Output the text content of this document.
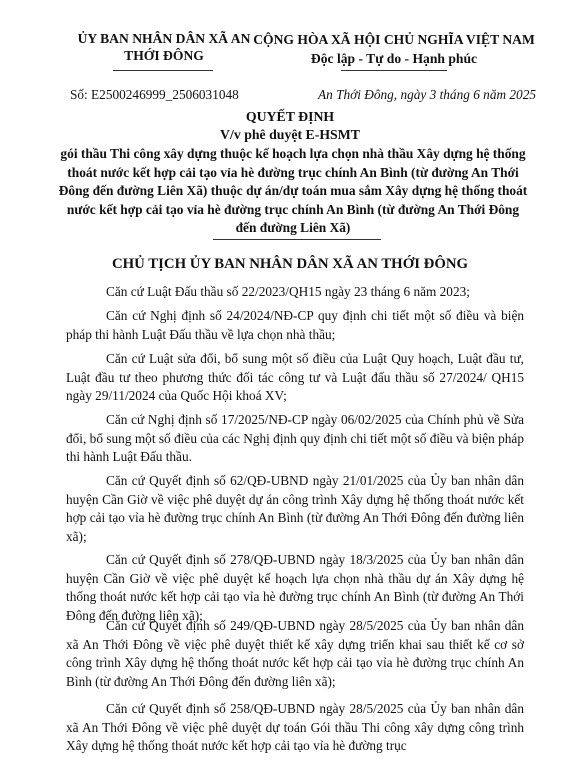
ỦY BAN NHÂN DÂN XÃ AN
THỚI ĐÔNG
CỘNG HÒA XÃ HỘI CHỦ NGHĨA VIỆT NAM
Độc lập - Tự do - Hạnh phúc
Số: E2500246999_2506031048	An Thới Đông, ngày 3 tháng 6 năm 2025
QUYẾT ĐỊNH
V/v phê duyệt E-HSMT
gói thầu Thi công xây dựng thuộc kế hoạch lựa chọn nhà thầu Xây dựng hệ thống thoát nước kết hợp cải tạo vỉa hè đường trục chính An Bình (từ đường An Thới Đông đến đường Liên Xã) thuộc dự án/dự toán mua sắm Xây dựng hệ thống thoát nước kết hợp cải tạo vỉa hè đường trục chính An Bình (từ đường An Thới Đông đến đường Liên Xã)
CHỦ TỊCH ỦY BAN NHÂN DÂN XÃ AN THỚI ĐÔNG
Căn cứ Luật Đấu thầu số 22/2023/QH15 ngày 23 tháng 6 năm 2023;
Căn cứ Nghị định số 24/2024/NĐ-CP quy định chi tiết một số điều và biện pháp thi hành Luật Đấu thầu về lựa chọn nhà thầu;
Căn cứ Luật sửa đổi, bổ sung một số điều của Luật Quy hoạch, Luật đầu tư, Luật đầu tư theo phương thức đối tác công tư và Luật đấu thầu số 27/2024/ QH15 ngày 29/11/2024 của Quốc Hội khoá XV;
Căn cứ Nghị định số 17/2025/NĐ-CP ngày 06/02/2025 của Chính phủ về Sửa đổi, bổ sung một số điều của các Nghị định quy định chi tiết một số điều và biện pháp thi hành Luật Đấu thầu.
Căn cứ Quyết định số 62/QĐ-UBND ngày 21/01/2025 của Ủy ban nhân dân huyện Cần Giờ về việc phê duyệt dự án công trình Xây dựng hệ thống thoát nước kết hợp cải tạo vỉa hè đường trục chính An Bình (từ đường An Thới Đông đến đường liên xã);
Căn cứ Quyết định số 278/QĐ-UBND ngày 18/3/2025 của Ủy ban nhân dân huyện Cần Giờ về việc phê duyệt kế hoạch lựa chọn nhà thầu dự án Xây dựng hệ thống thoát nước kết hợp cải tạo vỉa hè đường trục chính An Bình (từ đường An Thới Đông đến đường liên xã);
Căn cứ Quyết định số 249/QĐ-UBND ngày 28/5/2025 của Ủy ban nhân dân xã An Thới Đông về việc phê duyệt thiết kế xây dựng triển khai sau thiết kế cơ sở công trình Xây dựng hệ thống thoát nước kết hợp cải tạo vỉa hè đường trục chính An Bình (từ đường An Thới Đông đến đường liên xã);
Căn cứ Quyết định số 258/QĐ-UBND ngày 28/5/2025 của Ủy ban nhân dân xã An Thới Đông về việc phê duyệt dự toán Gói thầu Thi công xây dựng công trình Xây dựng hệ thống thoát nước kết hợp cải tạo vỉa hè đường trục
